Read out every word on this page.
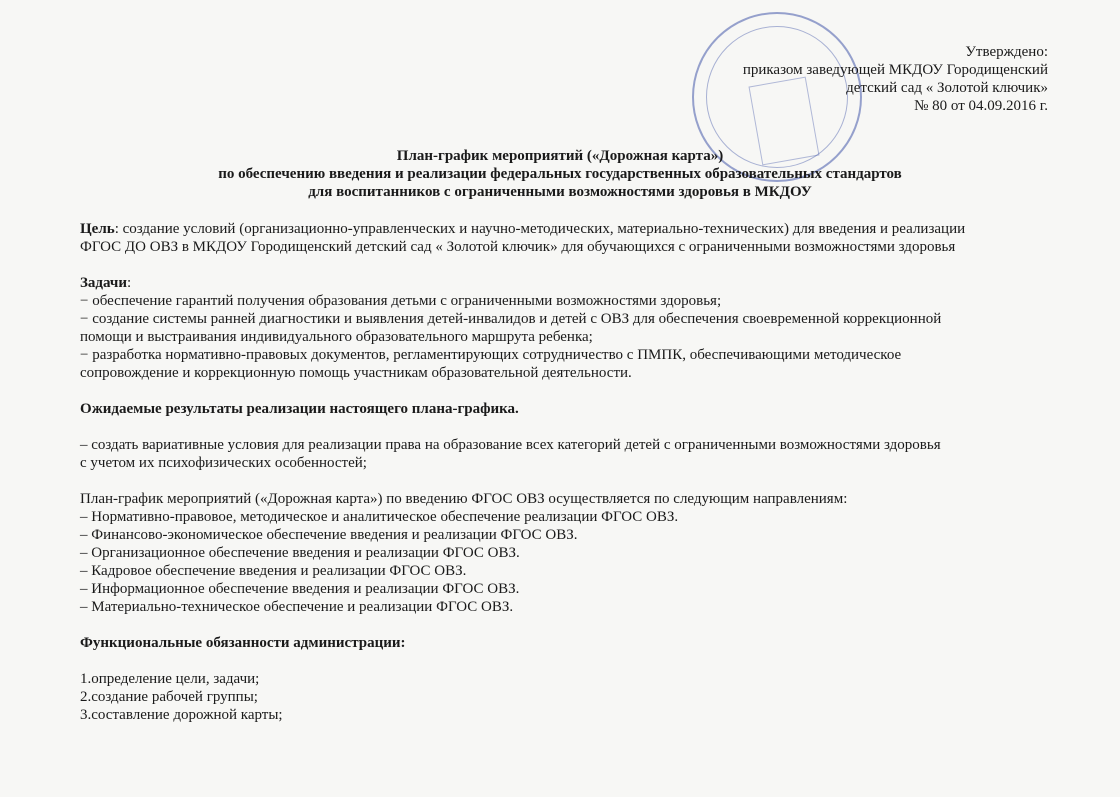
Утверждено:
приказом заведующей МКДОУ Городищенский
детский сад « Золотой ключик»
№ 80 от 04.09.2016 г.
План-график мероприятий («Дорожная карта»)
по обеспечению введения и реализации федеральных государственных образовательных стандартов
для воспитанников с ограниченными возможностями здоровья в МКДОУ

Цель: создание условий (организационно-управленческих и научно-методических, материально-технических) для введения и реализации

ФГОС ДО ОВЗ в МКДОУ Городищенский детский сад « Золотой ключик» для обучающихся с ограниченными возможностями здоровья

Задачи:

− обеспечение гарантий получения образования детьми с ограниченными возможностями здоровья;

− создание системы ранней диагностики и выявления детей-инвалидов и детей с ОВЗ для обеспечения своевременной коррекционной

помощи и выстраивания индивидуального образовательного маршрута ребенка;

− разработка нормативно-правовых документов, регламентирующих сотрудничество с ПМПК, обеспечивающими методическое

сопровождение и коррекционную помощь участникам образовательной деятельности.

Ожидаемые результаты реализации настоящего плана-графика.

– создать вариативные условия для реализации права на образование всех категорий детей с ограниченными возможностями здоровья

с учетом их психофизических особенностей;

План-график мероприятий («Дорожная карта») по введению ФГОС ОВЗ осуществляется по следующим направлениям:

– Нормативно-правовое, методическое и аналитическое обеспечение реализации ФГОС ОВЗ.

– Финансово-экономическое обеспечение введения и реализации ФГОС ОВЗ.

– Организационное обеспечение введения и реализации ФГОС ОВЗ.

– Кадровое обеспечение введения и реализации ФГОС ОВЗ.

– Информационное обеспечение введения и реализации ФГОС ОВЗ.

– Материально-техническое обеспечение и реализации ФГОС ОВЗ.

Функциональные обязанности администрации:

1.определение цели, задачи;

2.создание рабочей группы;

3.составление дорожной карты;
